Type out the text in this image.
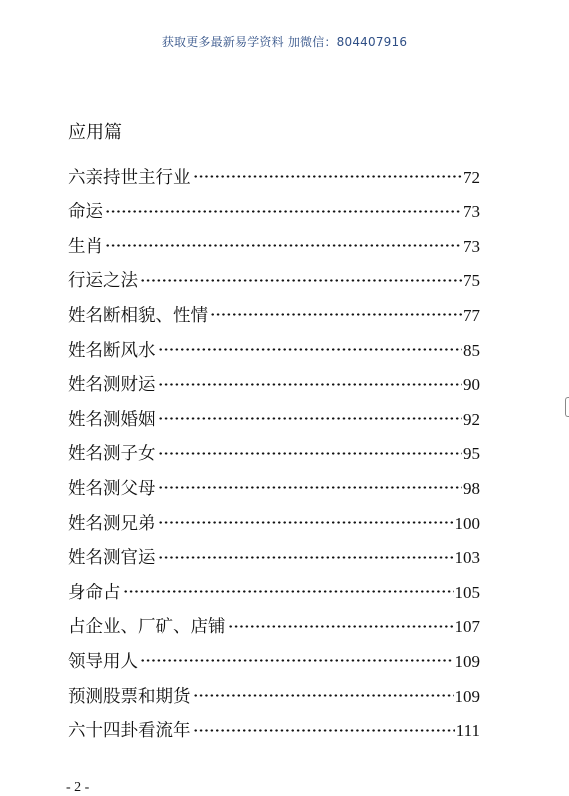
获取更多最新易学资料 加微信：804407916
应用篇
六亲持世主行业	72
命运	73
生肖	73
行运之法	75
姓名断相貌、性情	77
姓名断风水	85
姓名测财运	90
姓名测婚姻	92
姓名测子女	95
姓名测父母	98
姓名测兄弟	100
姓名测官运	103
身命占	105
占企业、厂矿、店铺	107
领导用人	109
预测股票和期货	109
六十四卦看流年	111
- 2 -
